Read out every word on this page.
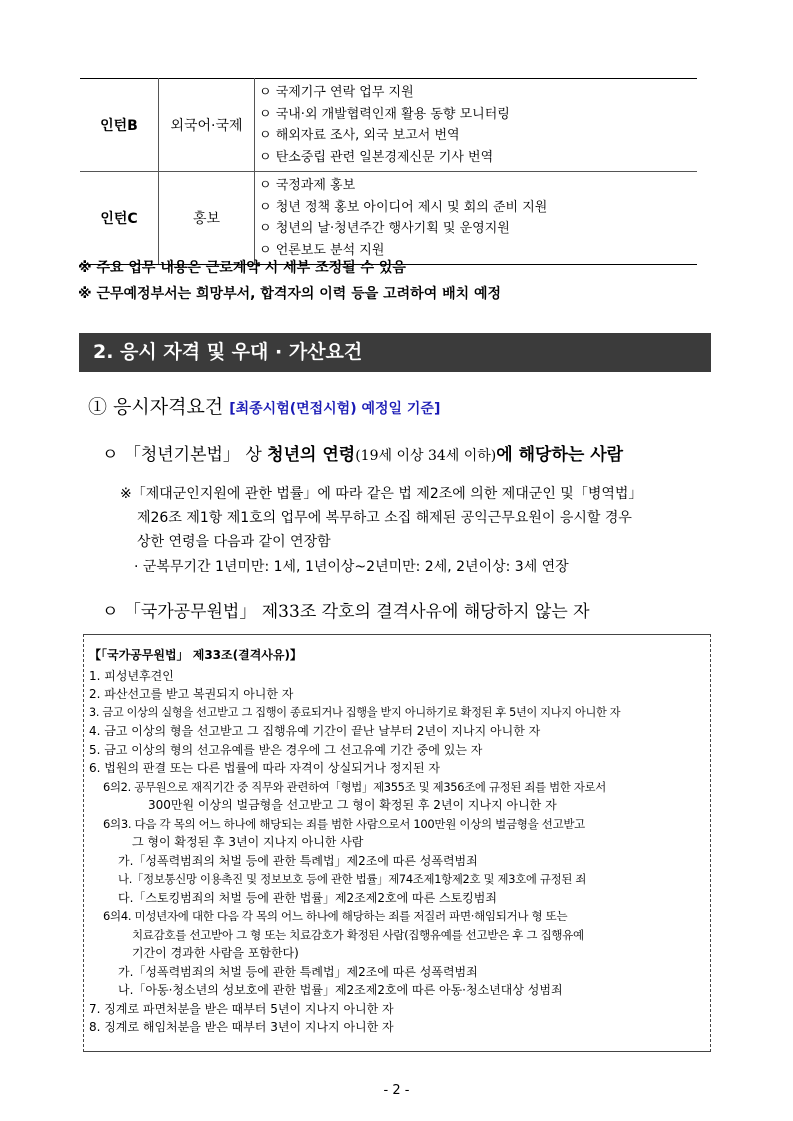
인턴B	외국어·국제	ㅇ 국제기구 연락 업무 지원
ㅇ 국내·외 개발협력인재 활용 동향 모니터링
ㅇ 해외자료 조사, 외국 보고서 번역
ㅇ 탄소중립 관련 일본경제신문 기사 번역

인턴C	홍보	ㅇ 국정과제 홍보
ㅇ 청년 정책 홍보 아이디어 제시 및 회의 준비 지원
ㅇ 청년의 날·청년주간 행사기획 및 운영지원
ㅇ 언론보도 분석 지원
※ 주요 업무 내용은 근로계약 시 세부 조정될 수 있음
※ 근무예정부서는 희망부서, 합격자의 이력 등을 고려하여 배치 예정
2. 응시 자격 및 우대 · 가산요건
① 응시자격요건 [최종시험(면접시험) 예정일 기준]
ㅇ 「청년기본법」 상 청년의 연령(19세 이상 34세 이하)에 해당하는 사람
※「제대군인지원에 관한 법률」에 따라 같은 법 제2조에 의한 제대군인 및「병역법」
제26조 제1항 제1호의 업무에 복무하고 소집 해제된 공익근무요원이 응시할 경우
상한 연령을 다음과 같이 연장함
· 군복무기간 1년미만: 1세, 1년이상~2년미만: 2세, 2년이상: 3세 연장
ㅇ 「국가공무원법」 제33조 각호의 결격사유에 해당하지 않는 자
【「국가공무원법」 제33조(결격사유)】
1. 피성년후견인
2. 파산선고를 받고 복권되지 아니한 자
3. 금고 이상의 실형을 선고받고 그 집행이 종료되거나 집행을 받지 아니하기로 확정된 후 5년이 지나지 아니한 자
4. 금고 이상의 형을 선고받고 그 집행유예 기간이 끝난 날부터 2년이 지나지 아니한 자
5. 금고 이상의 형의 선고유예를 받은 경우에 그 선고유예 기간 중에 있는 자
6. 법원의 판결 또는 다른 법률에 따라 자격이 상실되거나 정지된 자
6의2. 공무원으로 재직기간 중 직무와 관련하여「형법」제355조 및 제356조에 규정된 죄를 범한 자로서
300만원 이상의 벌금형을 선고받고 그 형이 확정된 후 2년이 지나지 아니한 자
6의3. 다음 각 목의 어느 하나에 해당되는 죄를 범한 사람으로서 100만원 이상의 벌금형을 선고받고
그 형이 확정된 후 3년이 지나지 아니한 사람
가.「성폭력범죄의 처벌 등에 관한 특례법」제2조에 따른 성폭력범죄
나.「정보통신망 이용촉진 및 정보보호 등에 관한 법률」제74조제1항제2호 및 제3호에 규정된 죄
다.「스토킹범죄의 처벌 등에 관한 법률」제2조제2호에 따른 스토킹범죄
6의4. 미성년자에 대한 다음 각 목의 어느 하나에 해당하는 죄를 저질러 파면·해임되거나 형 또는
치료감호를 선고받아 그 형 또는 치료감호가 확정된 사람(집행유예를 선고받은 후 그 집행유예
기간이 경과한 사람을 포함한다)
가.「성폭력범죄의 처벌 등에 관한 특례법」제2조에 따른 성폭력범죄
나.「아동·청소년의 성보호에 관한 법률」제2조제2호에 따른 아동·청소년대상 성범죄
7. 징계로 파면처분을 받은 때부터 5년이 지나지 아니한 자
8. 징계로 해임처분을 받은 때부터 3년이 지나지 아니한 자
- 2 -
